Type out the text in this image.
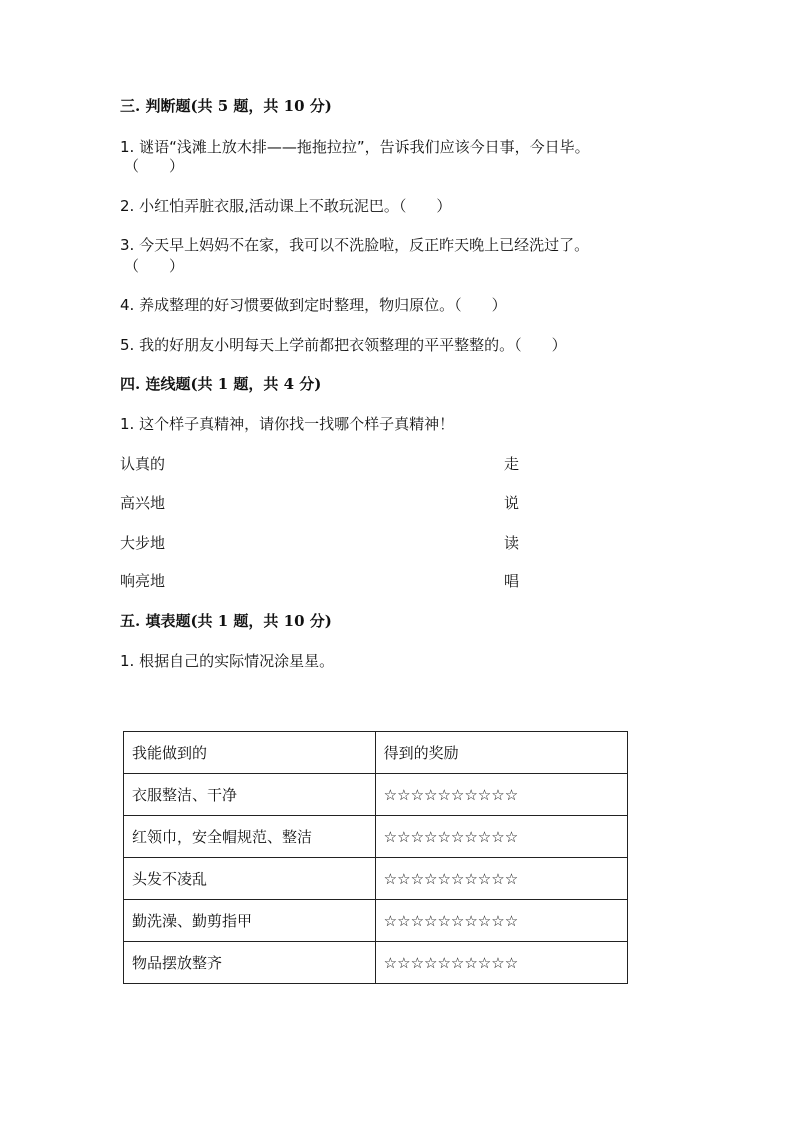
三. 判断题(共 5 题，共 10 分)
1. 谜语“浅滩上放木排——拖拖拉拉”，告诉我们应该今日事，今日毕。
（　　）
2. 小红怕弄脏衣服,活动课上不敢玩泥巴。（　　）
3. 今天早上妈妈不在家，我可以不洗脸啦，反正昨天晚上已经洗过了。
（　　）
4. 养成整理的好习惯要做到定时整理，物归原位。（　　）
5. 我的好朋友小明每天上学前都把衣领整理的平平整整的。（　　）
四. 连线题(共 1 题，共 4 分)
1. 这个样子真精神，请你找一找哪个样子真精神！
认真的	走
高兴地	说
大步地	读
响亮地	唱
五. 填表题(共 1 题，共 10 分)
1. 根据自己的实际情况涂星星。
我能做到的	得到的奖励
衣服整洁、干净	☆☆☆☆☆☆☆☆☆☆
红领巾，安全帽规范、整洁	☆☆☆☆☆☆☆☆☆☆
头发不凌乱	☆☆☆☆☆☆☆☆☆☆
勤洗澡、勤剪指甲	☆☆☆☆☆☆☆☆☆☆
物品摆放整齐	☆☆☆☆☆☆☆☆☆☆
